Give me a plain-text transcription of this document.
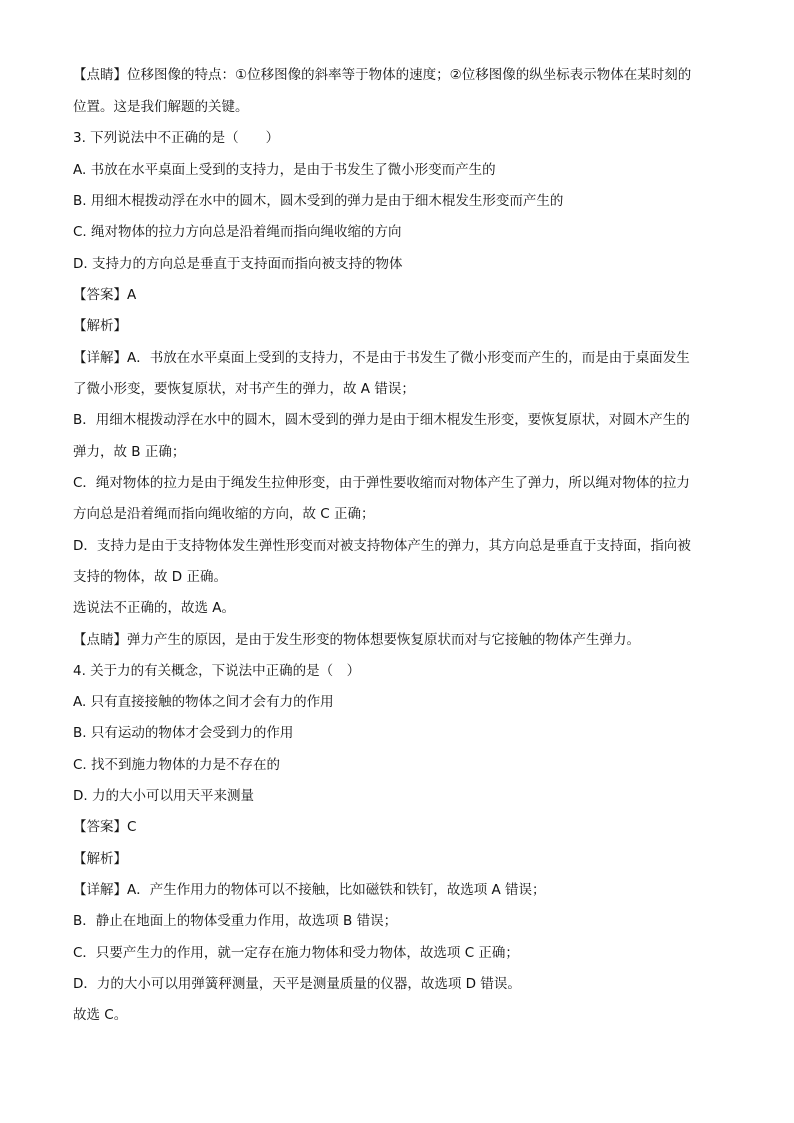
【点睛】位移图像的特点：①位移图像的斜率等于物体的速度；②位移图像的纵坐标表示物体在某时刻的
位置。这是我们解题的关键。
3. 下列说法中不正确的是（　　）
A. 书放在水平桌面上受到的支持力，是由于书发生了微小形变而产生的
B. 用细木棍拨动浮在水中的圆木，圆木受到的弹力是由于细木棍发生形变而产生的
C. 绳对物体的拉力方向总是沿着绳而指向绳收缩的方向
D. 支持力的方向总是垂直于支持面而指向被支持的物体
【答案】A
【解析】
【详解】A．书放在水平桌面上受到的支持力，不是由于书发生了微小形变而产生的，而是由于桌面发生
了微小形变，要恢复原状，对书产生的弹力，故 A 错误；
B．用细木棍拨动浮在水中的圆木，圆木受到的弹力是由于细木棍发生形变，要恢复原状，对圆木产生的
弹力，故 B 正确；
C．绳对物体的拉力是由于绳发生拉伸形变，由于弹性要收缩而对物体产生了弹力，所以绳对物体的拉力
方向总是沿着绳而指向绳收缩的方向，故 C 正确；
D．支持力是由于支持物体发生弹性形变而对被支持物体产生的弹力，其方向总是垂直于支持面，指向被
支持的物体，故 D 正确。
选说法不正确的，故选 A。
【点睛】弹力产生的原因，是由于发生形变的物体想要恢复原状而对与它接触的物体产生弹力。
4. 关于力的有关概念，下说法中正确的是（　）
A. 只有直接接触的物体之间才会有力的作用
B. 只有运动的物体才会受到力的作用
C. 找不到施力物体的力是不存在的
D. 力的大小可以用天平来测量
【答案】C
【解析】
【详解】A．产生作用力的物体可以不接触，比如磁铁和铁钉，故选项 A 错误；
B．静止在地面上的物体受重力作用，故选项 B 错误；
C．只要产生力的作用，就一定存在施力物体和受力物体，故选项 C 正确；
D．力的大小可以用弹簧秤测量，天平是测量质量的仪器，故选项 D 错误。
故选 C。
